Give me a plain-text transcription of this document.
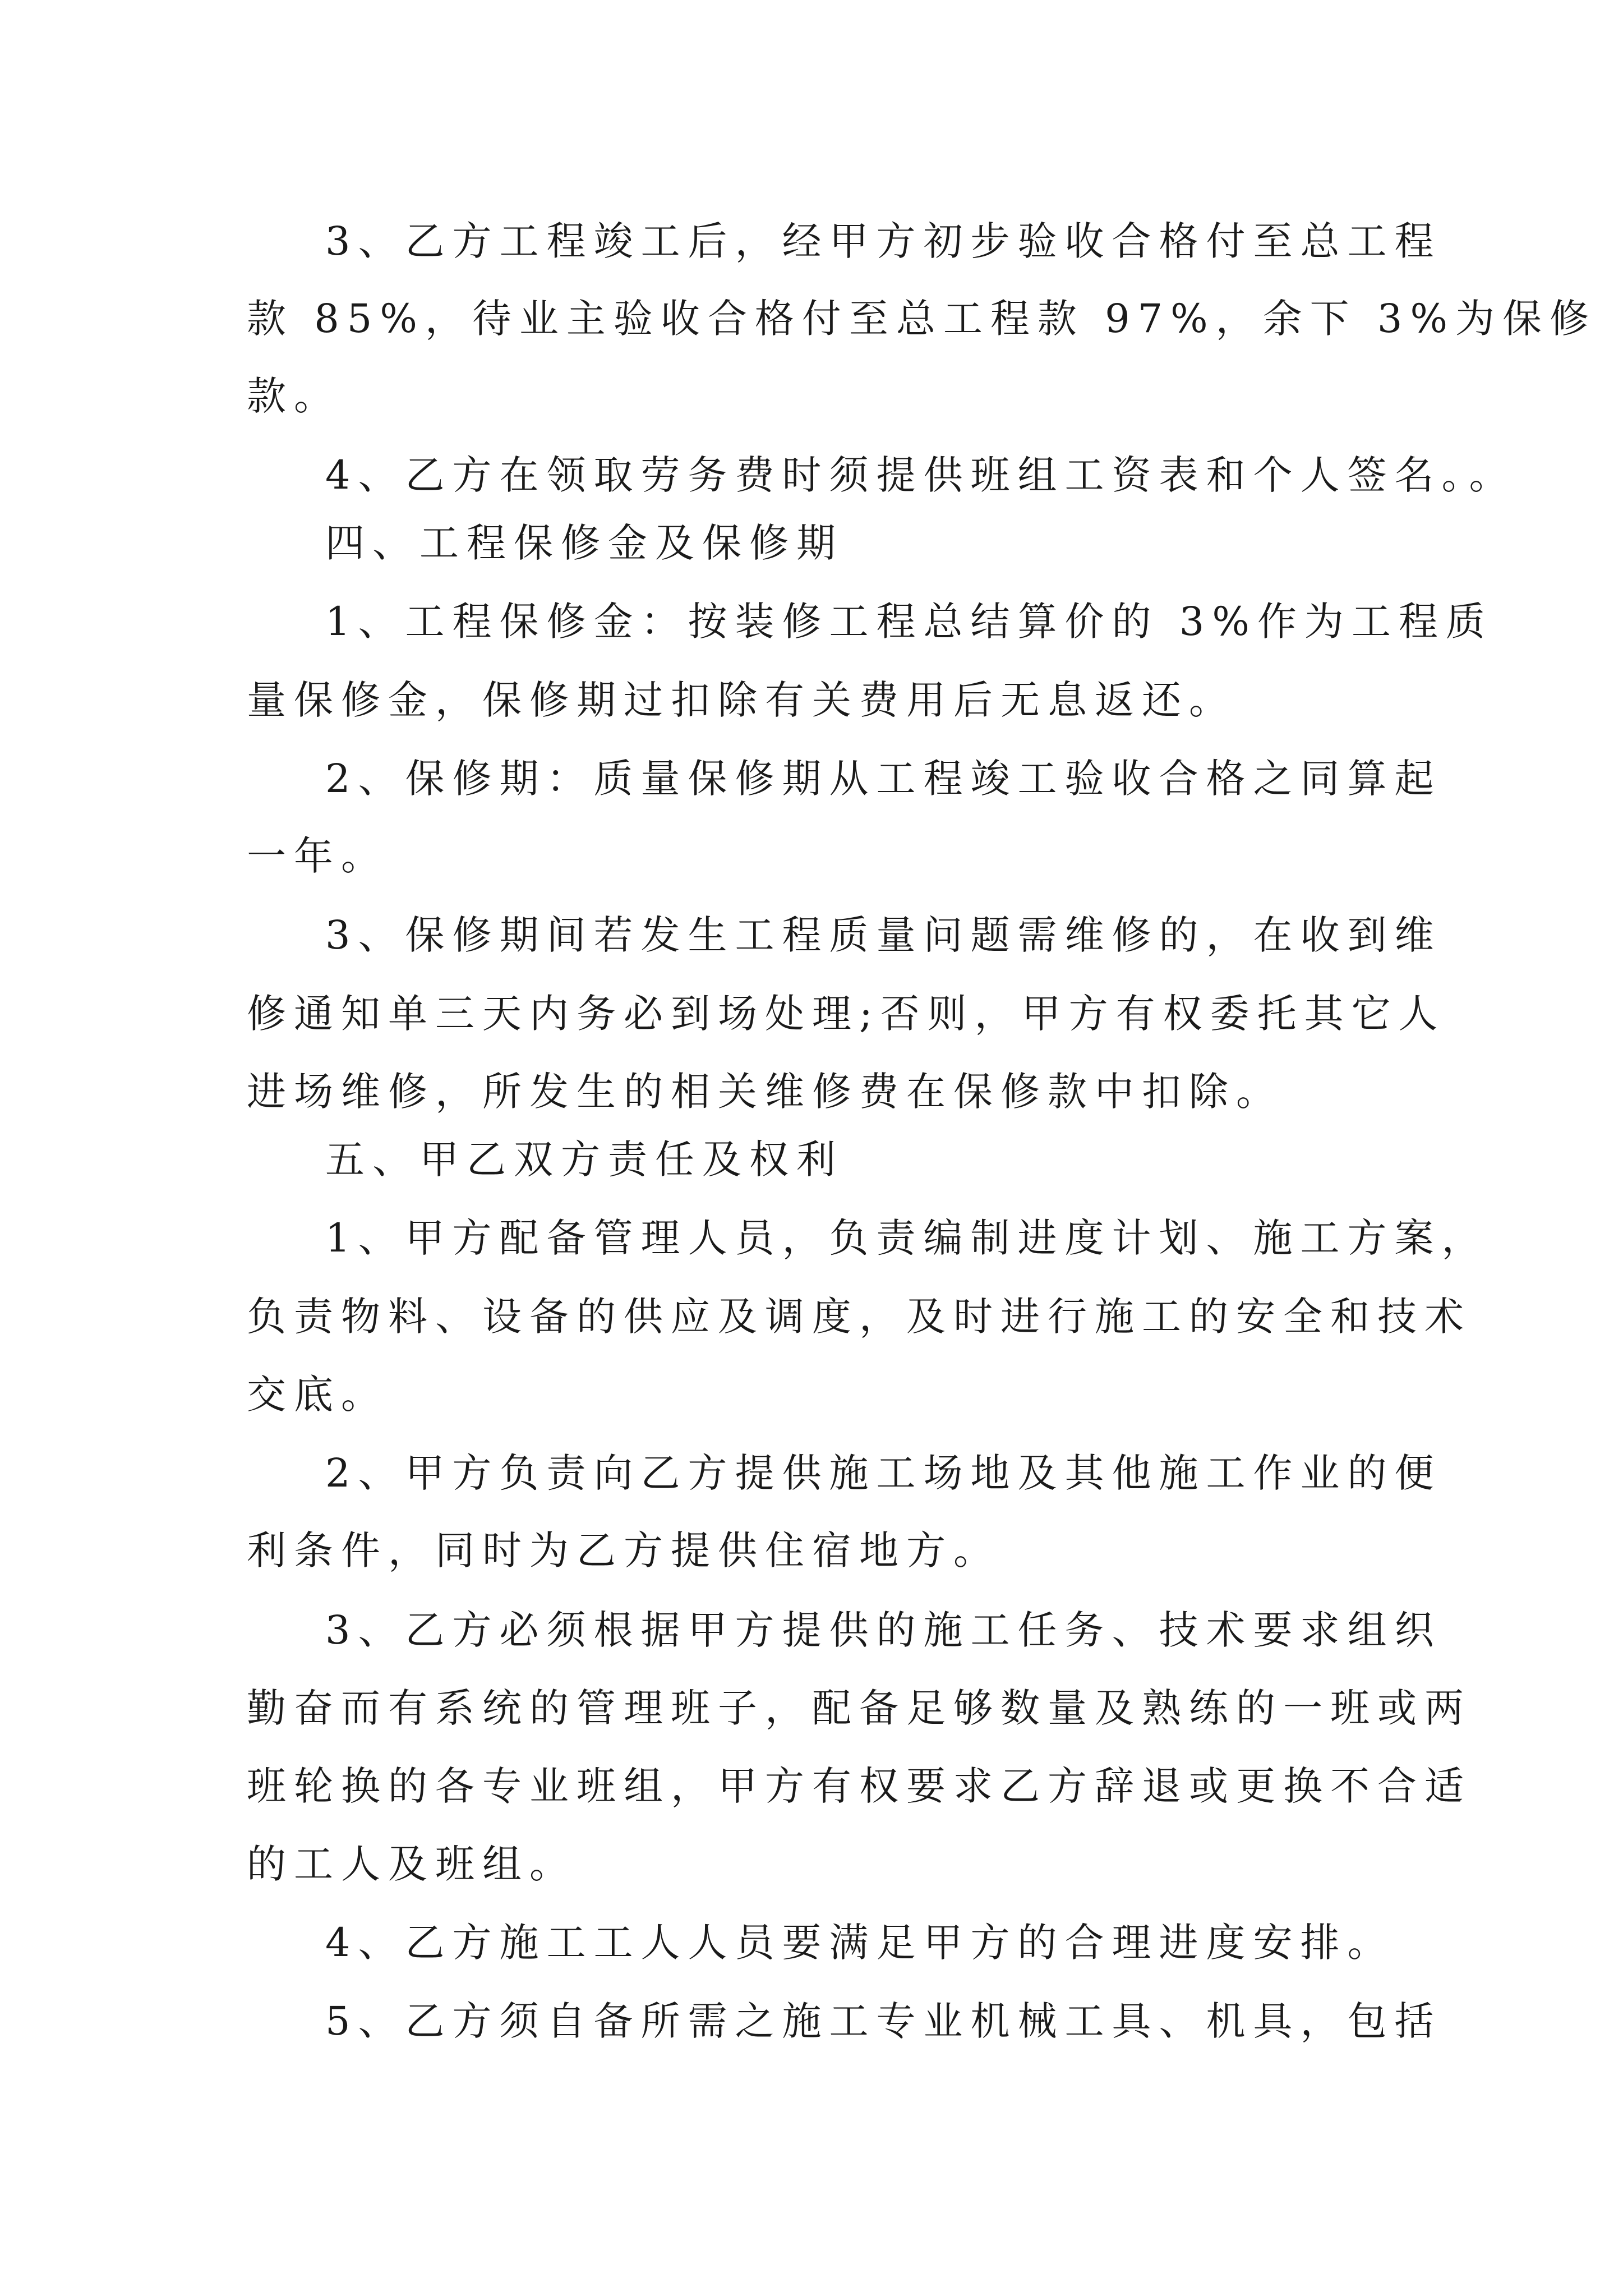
3、乙方工程竣工后，经甲方初步验收合格付至总工程
款 85%，待业主验收合格付至总工程款 97%，余下 3%为保修
款。
4、乙方在领取劳务费时须提供班组工资表和个人签名。。
四、工程保修金及保修期
1、工程保修金：按装修工程总结算价的 3%作为工程质
量保修金，保修期过扣除有关费用后无息返还。
2、保修期：质量保修期从工程竣工验收合格之同算起
一年。
3、保修期间若发生工程质量问题需维修的，在收到维
修通知单三天内务必到场处理;否则，甲方有权委托其它人
进场维修，所发生的相关维修费在保修款中扣除。
五、甲乙双方责任及权利
1、甲方配备管理人员，负责编制进度计划、施工方案，
负责物料、设备的供应及调度，及时进行施工的安全和技术
交底。
2、甲方负责向乙方提供施工场地及其他施工作业的便
利条件，同时为乙方提供住宿地方。
3、乙方必须根据甲方提供的施工任务、技术要求组织
勤奋而有系统的管理班子，配备足够数量及熟练的一班或两
班轮换的各专业班组，甲方有权要求乙方辞退或更换不合适
的工人及班组。
4、乙方施工工人人员要满足甲方的合理进度安排。
5、乙方须自备所需之施工专业机械工具、机具，包括
